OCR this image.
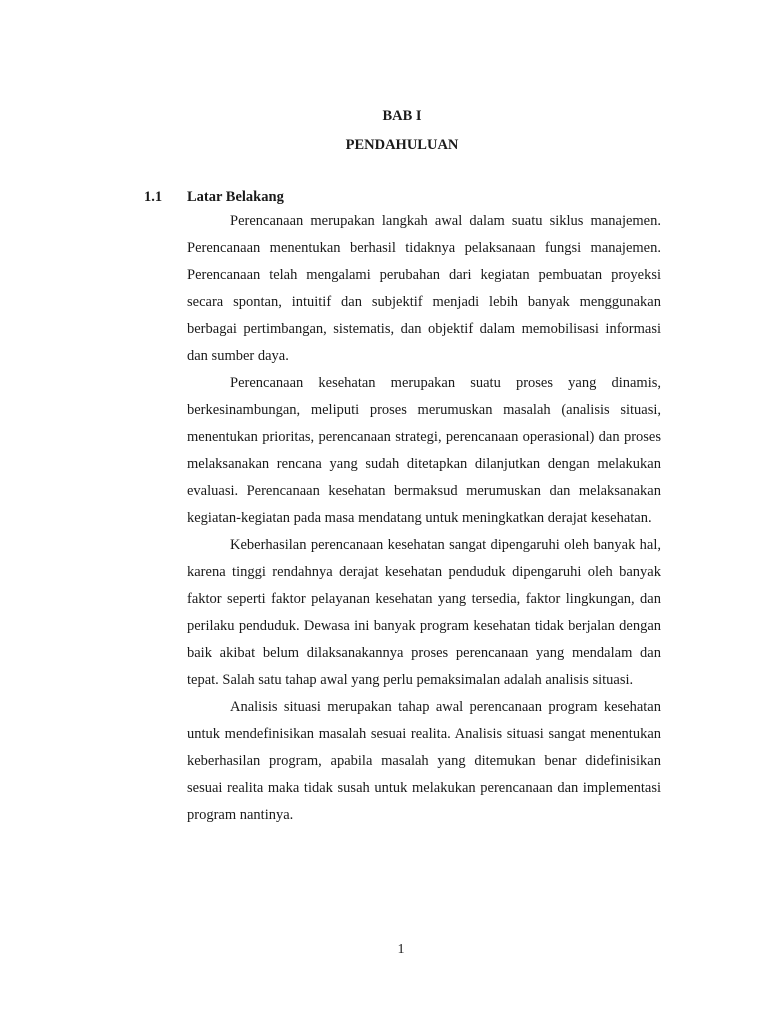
BAB I
PENDAHULUAN
1.1 Latar Belakang

Perencanaan merupakan langkah awal dalam suatu siklus manajemen. Perencanaan menentukan berhasil tidaknya pelaksanaan fungsi manajemen. Perencanaan telah mengalami perubahan dari kegiatan pembuatan proyeksi secara spontan, intuitif dan subjektif menjadi lebih banyak menggunakan berbagai pertimbangan, sistematis, dan objektif dalam memobilisasi informasi dan sumber daya.

Perencanaan kesehatan merupakan suatu proses yang dinamis, berkesinambungan, meliputi proses merumuskan masalah (analisis situasi, menentukan prioritas, perencanaan strategi, perencanaan operasional) dan proses melaksanakan rencana yang sudah ditetapkan dilanjutkan dengan melakukan evaluasi. Perencanaan kesehatan bermaksud merumuskan dan melaksanakan kegiatan-kegiatan pada masa mendatang untuk meningkatkan derajat kesehatan.

Keberhasilan perencanaan kesehatan sangat dipengaruhi oleh banyak hal, karena tinggi rendahnya derajat kesehatan penduduk dipengaruhi oleh banyak faktor seperti faktor pelayanan kesehatan yang tersedia, faktor lingkungan, dan perilaku penduduk. Dewasa ini banyak program kesehatan tidak berjalan dengan baik akibat belum dilaksanakannya proses perencanaan yang mendalam dan tepat. Salah satu tahap awal yang perlu pemaksimalan adalah analisis situasi.

Analisis situasi merupakan tahap awal perencanaan program kesehatan untuk mendefinisikan masalah sesuai realita. Analisis situasi sangat menentukan keberhasilan program, apabila masalah yang ditemukan benar didefinisikan sesuai realita maka tidak susah untuk melakukan perencanaan dan implementasi program nantinya.

1
